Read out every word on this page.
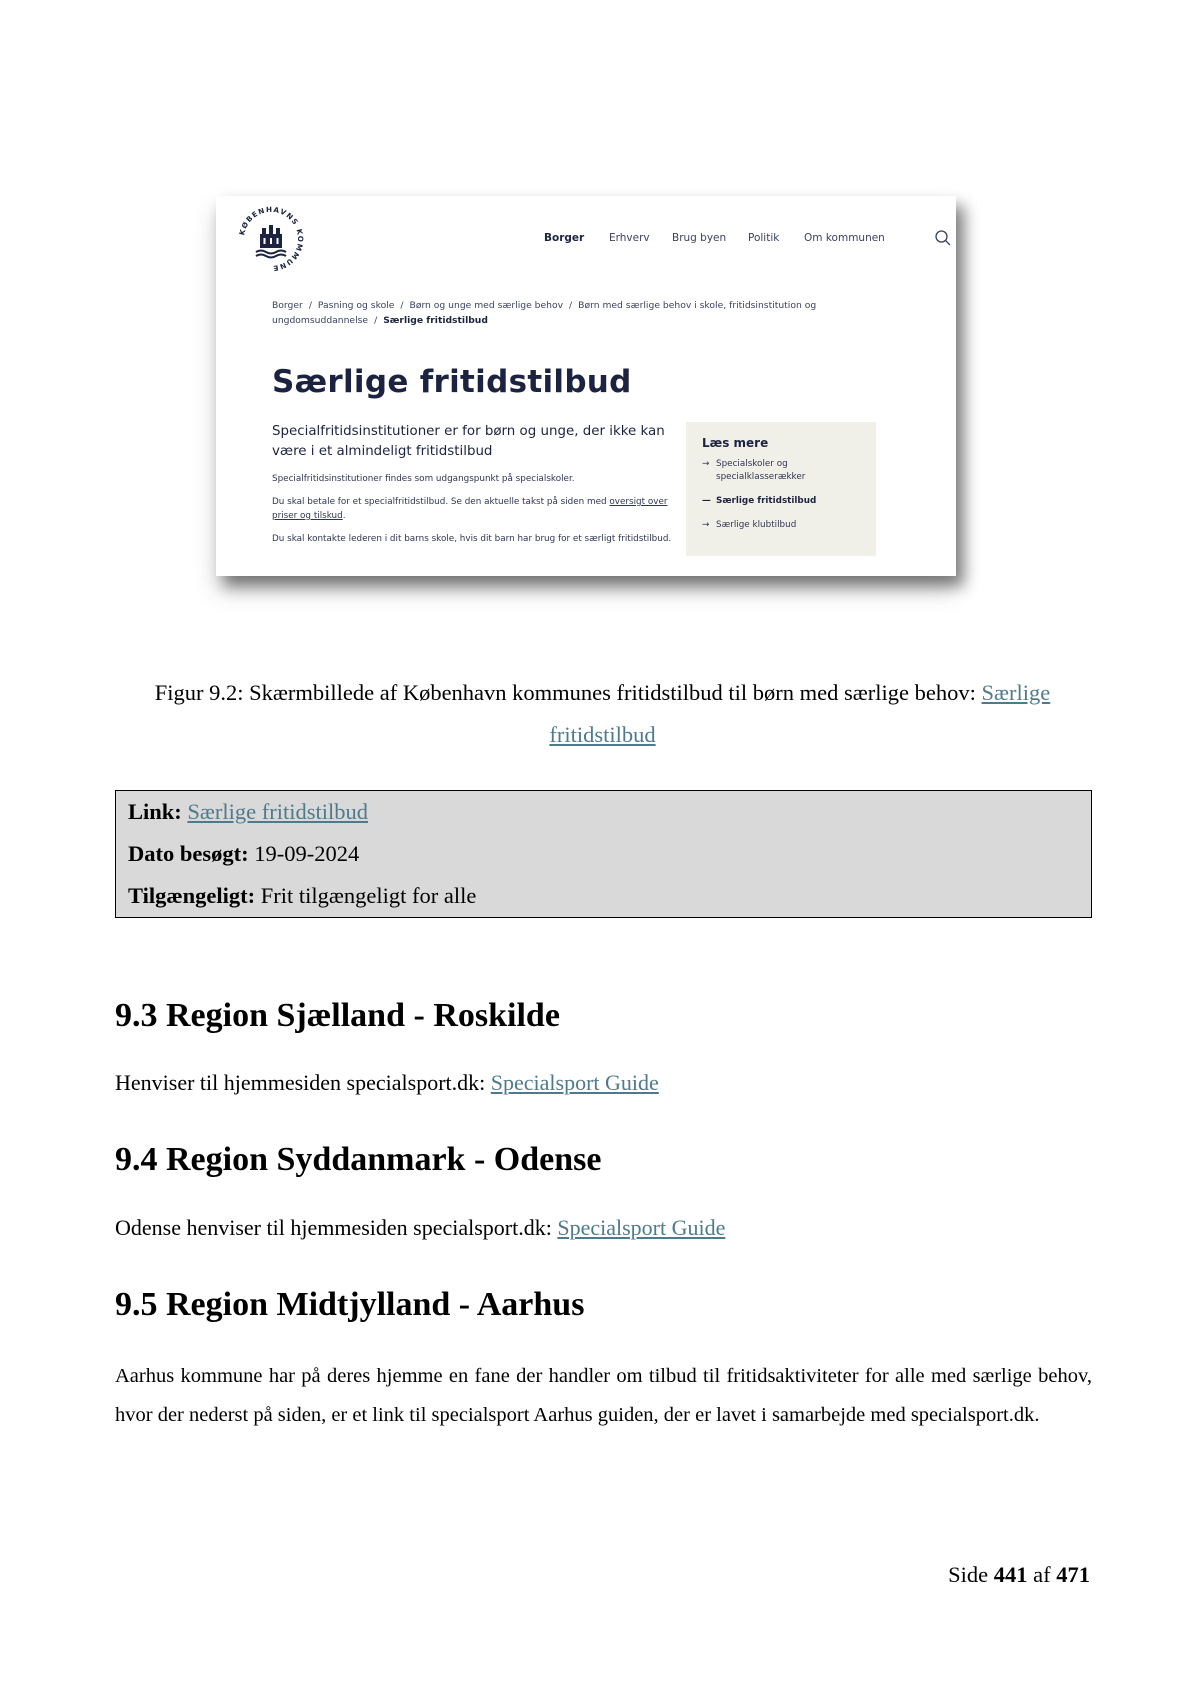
KØBENHAVNS KOMMUNE
Borger Erhverv Brug byen Politik Om kommunen
Borger / Pasning og skole / Børn og unge med særlige behov / Børn med særlige behov i skole, fritidsinstitution og ungdomsuddannelse / Særlige fritidstilbud
Særlige fritidstilbud
Specialfritidsinstitutioner er for børn og unge, der ikke kan være i et almindeligt fritidstilbud
Specialfritidsinstitutioner findes som udgangspunkt på specialskoler.
Du skal betale for et specialfritidstilbud. Se den aktuelle takst på siden med oversigt over priser og tilskud.
Du skal kontakte lederen i dit barns skole, hvis dit barn har brug for et særligt fritidstilbud.
Læs mere
→ Specialskoler og specialklasserækker
— Særlige fritidstilbud
→ Særlige klubtilbud
Figur 9.2: Skærmbillede af København kommunes fritidstilbud til børn med særlige behov: Særlige fritidstilbud
Link: Særlige fritidstilbud
Dato besøgt: 19-09-2024
Tilgængeligt: Frit tilgængeligt for alle
9.3 Region Sjælland - Roskilde
Henviser til hjemmesiden specialsport.dk: Specialsport Guide
9.4 Region Syddanmark - Odense
Odense henviser til hjemmesiden specialsport.dk: Specialsport Guide
9.5 Region Midtjylland - Aarhus
Aarhus kommune har på deres hjemme en fane der handler om tilbud til fritidsaktiviteter for alle med særlige behov, hvor der nederst på siden, er et link til specialsport Aarhus guiden, der er lavet i samarbejde med specialsport.dk.
Side 441 af 471
